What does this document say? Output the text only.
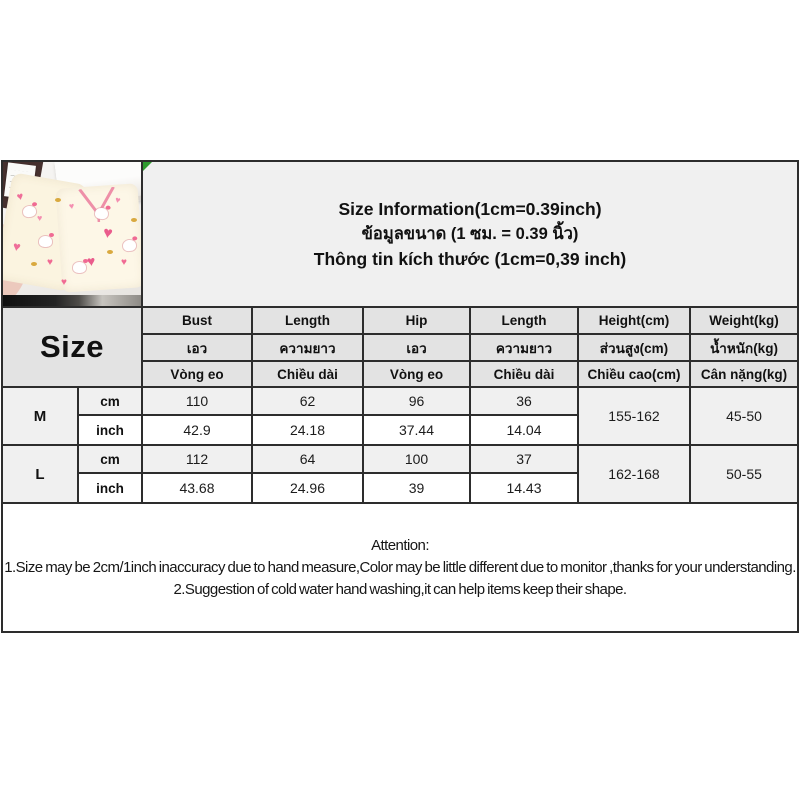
♥
♥
♥
♥
♥
♥
♥
♥
♥
♥

Size Information(1cm=0.39inch)
ข้อมูลขนาด (1 ซม. = 0.39 นิ้ว)
Thông tin kích thước (1cm=0,39 inch)					

Size		Bust	Length	Hip	Length	Height(cm)	Weight(kg)
		เอว	ความยาว	เอว	ความยาว	ส่วนสูง(cm)	น้ำหนัก(kg)
		Vòng eo	Chiều dài	Vòng eo	Chiều dài	Chiều cao(cm)	Cân nặng(kg)
M	cm	110	62	96	36	155-162	45-50
	inch	42.9	24.18	37.44	14.04		
L	cm	112	64	100	37	162-168	50-55
	inch	43.68	24.96	39	14.43		

Attention:
1.Size may be 2cm/1inch inaccuracy due to hand measure,Color may be little different due to monitor ,thanks for your understanding.
2.Suggestion of cold water hand washing,it can help items keep their shape.							
